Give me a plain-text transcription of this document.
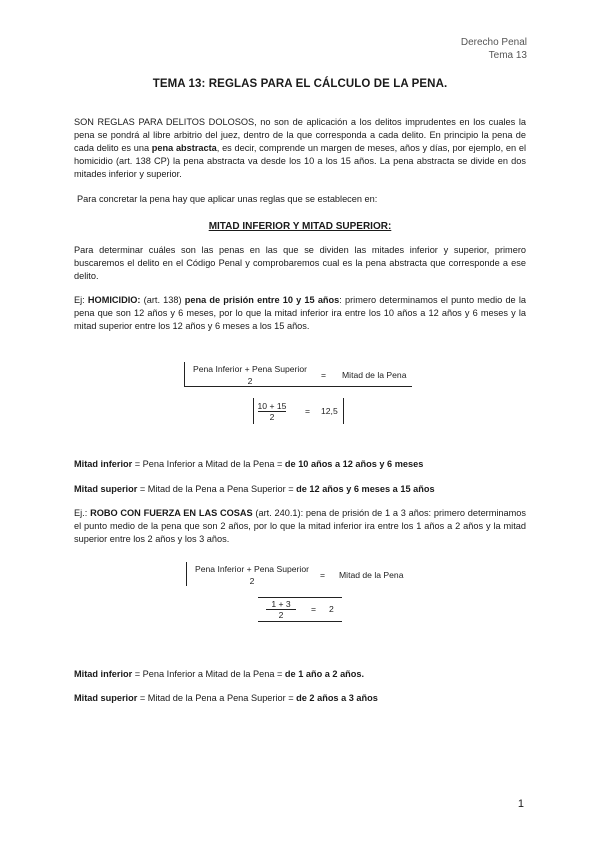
Derecho Penal
Tema 13
TEMA 13: REGLAS PARA EL CÁLCULO DE LA PENA.

SON REGLAS PARA DELITOS DOLOSOS, no son de aplicación a los delitos imprudentes en los cuales la pena se pondrá al libre arbitrio del juez, dentro de la que corresponda a cada delito. En principio la pena de cada delito es una pena abstracta, es decir, comprende un margen de meses, años y días, por ejemplo, en el homicidio (art. 138 CP) la pena abstracta va desde los 10 a los 15 años. La pena abstracta se divide en dos mitades inferior y superior.

Para concretar la pena hay que aplicar unas reglas que se establecen en:

MITAD INFERIOR Y MITAD SUPERIOR:

Para determinar cuáles son las penas en las que se dividen las mitades inferior y superior, primero buscaremos el delito en el Código Penal y comprobaremos cual es la pena abstracta que corresponde a ese delito.

Ej: HOMICIDIO: (art. 138) pena de prisión entre 10 y 15 años: primero determinamos el punto medio de la pena que son 12 años y 6 meses, por lo que la mitad inferior ira entre los 10 años a 12 años y 6 meses y la mitad superior entre los 12 años y 6 meses a los 15 años.

Pena Inferior + Pena Superior
2
= Mitad de la Pena
10 + 15
2
= 12,5

Mitad inferior = Pena Inferior a Mitad de la Pena = de 10 años a 12 años y 6 meses

Mitad superior = Mitad de la Pena a Pena Superior = de 12 años y 6 meses a 15 años

Ej.: ROBO CON FUERZA EN LAS COSAS (art. 240.1): pena de prisión de 1 a 3 años: primero determinamos el punto medio de la pena que son 2 años, por lo que la mitad inferior ira entre los 1 años a 2 años y la mitad superior entre los 2 años y los 3 años.

Pena Inferior + Pena Superior
2
= Mitad de la Pena
1 + 3
2
= 2

Mitad inferior = Pena Inferior a Mitad de la Pena = de 1 año a 2 años.

Mitad superior = Mitad de la Pena a Pena Superior = de 2 años a 3 años

1
